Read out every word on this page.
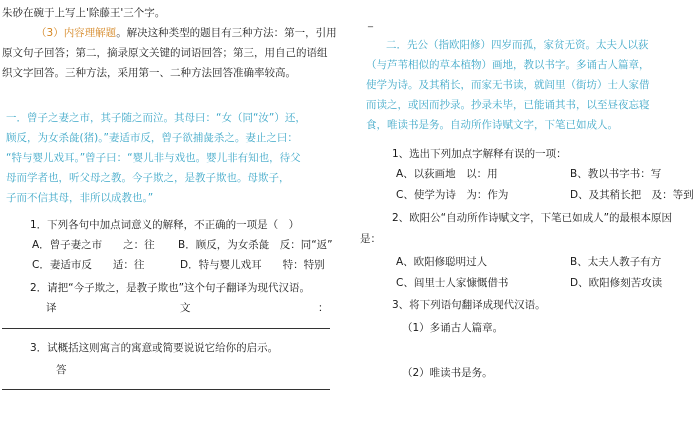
朱砂在碗于上写上'除藤王'三个字。
（3）内容理解题。解决这种类型的题目有三种方法：第一，引用
原文句子回答；第二，摘录原文关键的词语回答；第三，用自己的语组
织文字回答。三种方法，采用第一、二种方法回答准确率较高。
一．曾子之妻之市，其子随之而泣。其母曰：“女（同“汝”）还，
顾反，为女杀彘(猪)。”妻适市反，曾子欲捕彘杀之。妻止之曰：
“特与婴儿戏耳。”曾子曰：“婴儿非与戏也。婴儿非有知也，待父
母而学者也，听父母之教。今子欺之，是教子欺也。母欺子，
子而不信其母，非所以成教也。”
1．下列各句中加点词意义的解释，不正确的一项是（　）
A．曾子妻之市　　之：往 B．顾反，为女杀彘　反：同“返”
C．妻适市反　　适：往	D．特与婴儿戏耳　　特：特别
2．请把“今子欺之，是教子欺也”这个句子翻译为现代汉语。
译	文	：
3．试概括这则寓言的寓意或简要说说它给你的启示。
答
_
二．先公（指欧阳修）四岁而孤，家贫无资。太夫人以荻
（与芦苇相似的草本植物）画地，教以书字。多诵古人篇章，
使学为诗。及其稍长，而家无书读，就闾里（街坊）士人家借
而读之，或因而抄录。抄录未毕，已能诵其书，以至昼夜忘寝
食，唯读书是务。自动所作诗赋文字，下笔已如成人。
1、选出下列加点字解释有误的一项：
A、以荻画地　以：用	B、教以书字书：写
C、使学为诗　为：作为	D、及其稍长把　及：等到
2、欧阳公“自动所作诗赋文字，下笔已如成人”的最根本原因
是：
A、欧阳修聪明过人	B、太夫人教子有方
C、闾里士人家慷慨借书	D、欧阳修刻苦攻读
3、将下列语句翻译成现代汉语。
（1）多诵古人篇章。
（2）唯读书是务。
